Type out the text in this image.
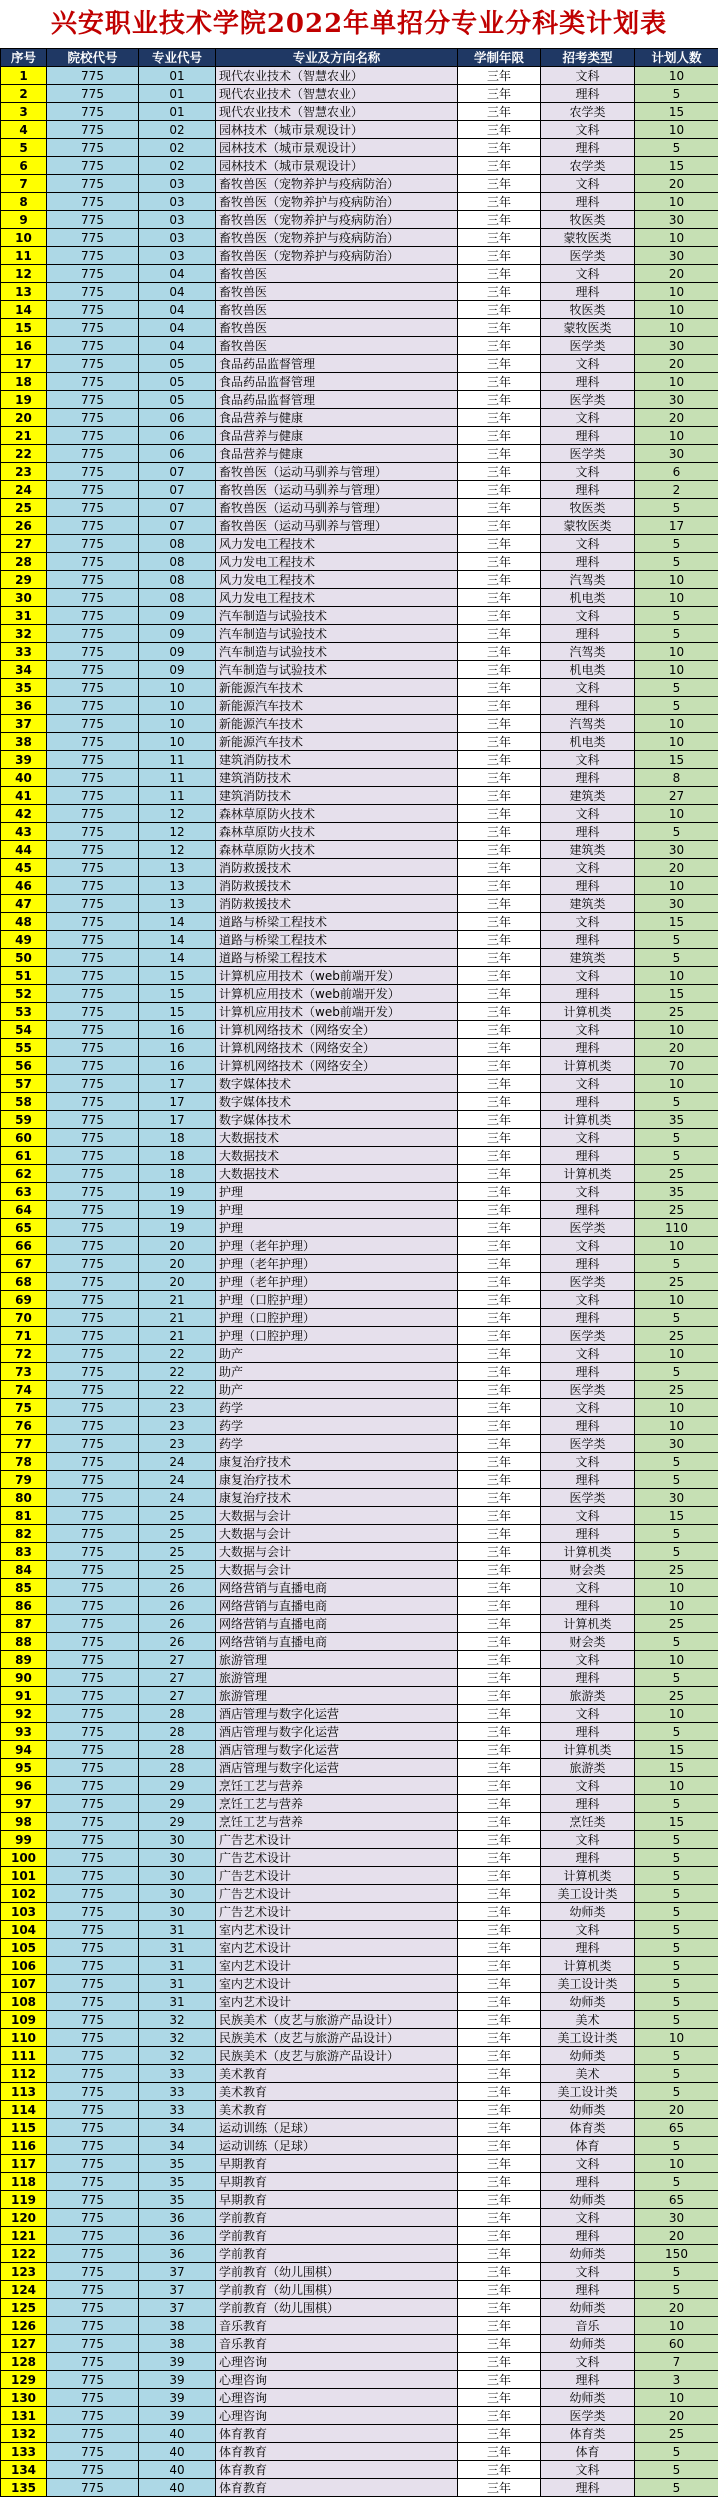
兴安职业技术学院2022年单招分专业分科类计划表
序号	院校代号	专业代号	专业及方向名称	学制年限	招考类型	计划人数
1	775	01	现代农业技术（智慧农业）	三年	文科	10
2	775	01	现代农业技术（智慧农业）	三年	理科	5
3	775	01	现代农业技术（智慧农业）	三年	农学类	15
4	775	02	园林技术（城市景观设计）	三年	文科	10
5	775	02	园林技术（城市景观设计）	三年	理科	5
6	775	02	园林技术（城市景观设计）	三年	农学类	15
7	775	03	畜牧兽医（宠物养护与疫病防治）	三年	文科	20
8	775	03	畜牧兽医（宠物养护与疫病防治）	三年	理科	10
9	775	03	畜牧兽医（宠物养护与疫病防治）	三年	牧医类	30
10	775	03	畜牧兽医（宠物养护与疫病防治）	三年	蒙牧医类	10
11	775	03	畜牧兽医（宠物养护与疫病防治）	三年	医学类	30
12	775	04	畜牧兽医	三年	文科	20
13	775	04	畜牧兽医	三年	理科	10
14	775	04	畜牧兽医	三年	牧医类	10
15	775	04	畜牧兽医	三年	蒙牧医类	10
16	775	04	畜牧兽医	三年	医学类	30
17	775	05	食品药品监督管理	三年	文科	20
18	775	05	食品药品监督管理	三年	理科	10
19	775	05	食品药品监督管理	三年	医学类	30
20	775	06	食品营养与健康	三年	文科	20
21	775	06	食品营养与健康	三年	理科	10
22	775	06	食品营养与健康	三年	医学类	30
23	775	07	畜牧兽医（运动马驯养与管理）	三年	文科	6
24	775	07	畜牧兽医（运动马驯养与管理）	三年	理科	2
25	775	07	畜牧兽医（运动马驯养与管理）	三年	牧医类	5
26	775	07	畜牧兽医（运动马驯养与管理）	三年	蒙牧医类	17
27	775	08	风力发电工程技术	三年	文科	5
28	775	08	风力发电工程技术	三年	理科	5
29	775	08	风力发电工程技术	三年	汽驾类	10
30	775	08	风力发电工程技术	三年	机电类	10
31	775	09	汽车制造与试验技术	三年	文科	5
32	775	09	汽车制造与试验技术	三年	理科	5
33	775	09	汽车制造与试验技术	三年	汽驾类	10
34	775	09	汽车制造与试验技术	三年	机电类	10
35	775	10	新能源汽车技术	三年	文科	5
36	775	10	新能源汽车技术	三年	理科	5
37	775	10	新能源汽车技术	三年	汽驾类	10
38	775	10	新能源汽车技术	三年	机电类	10
39	775	11	建筑消防技术	三年	文科	15
40	775	11	建筑消防技术	三年	理科	8
41	775	11	建筑消防技术	三年	建筑类	27
42	775	12	森林草原防火技术	三年	文科	10
43	775	12	森林草原防火技术	三年	理科	5
44	775	12	森林草原防火技术	三年	建筑类	30
45	775	13	消防救援技术	三年	文科	20
46	775	13	消防救援技术	三年	理科	10
47	775	13	消防救援技术	三年	建筑类	30
48	775	14	道路与桥梁工程技术	三年	文科	15
49	775	14	道路与桥梁工程技术	三年	理科	5
50	775	14	道路与桥梁工程技术	三年	建筑类	5
51	775	15	计算机应用技术（web前端开发）	三年	文科	10
52	775	15	计算机应用技术（web前端开发）	三年	理科	15
53	775	15	计算机应用技术（web前端开发）	三年	计算机类	25
54	775	16	计算机网络技术（网络安全）	三年	文科	10
55	775	16	计算机网络技术（网络安全）	三年	理科	20
56	775	16	计算机网络技术（网络安全）	三年	计算机类	70
57	775	17	数字媒体技术	三年	文科	10
58	775	17	数字媒体技术	三年	理科	5
59	775	17	数字媒体技术	三年	计算机类	35
60	775	18	大数据技术	三年	文科	5
61	775	18	大数据技术	三年	理科	5
62	775	18	大数据技术	三年	计算机类	25
63	775	19	护理	三年	文科	35
64	775	19	护理	三年	理科	25
65	775	19	护理	三年	医学类	110
66	775	20	护理（老年护理）	三年	文科	10
67	775	20	护理（老年护理）	三年	理科	5
68	775	20	护理（老年护理）	三年	医学类	25
69	775	21	护理（口腔护理）	三年	文科	10
70	775	21	护理（口腔护理）	三年	理科	5
71	775	21	护理（口腔护理）	三年	医学类	25
72	775	22	助产	三年	文科	10
73	775	22	助产	三年	理科	5
74	775	22	助产	三年	医学类	25
75	775	23	药学	三年	文科	10
76	775	23	药学	三年	理科	10
77	775	23	药学	三年	医学类	30
78	775	24	康复治疗技术	三年	文科	5
79	775	24	康复治疗技术	三年	理科	5
80	775	24	康复治疗技术	三年	医学类	30
81	775	25	大数据与会计	三年	文科	15
82	775	25	大数据与会计	三年	理科	5
83	775	25	大数据与会计	三年	计算机类	5
84	775	25	大数据与会计	三年	财会类	25
85	775	26	网络营销与直播电商	三年	文科	10
86	775	26	网络营销与直播电商	三年	理科	10
87	775	26	网络营销与直播电商	三年	计算机类	25
88	775	26	网络营销与直播电商	三年	财会类	5
89	775	27	旅游管理	三年	文科	10
90	775	27	旅游管理	三年	理科	5
91	775	27	旅游管理	三年	旅游类	25
92	775	28	酒店管理与数字化运营	三年	文科	10
93	775	28	酒店管理与数字化运营	三年	理科	5
94	775	28	酒店管理与数字化运营	三年	计算机类	15
95	775	28	酒店管理与数字化运营	三年	旅游类	15
96	775	29	烹饪工艺与营养	三年	文科	10
97	775	29	烹饪工艺与营养	三年	理科	5
98	775	29	烹饪工艺与营养	三年	烹饪类	15
99	775	30	广告艺术设计	三年	文科	5
100	775	30	广告艺术设计	三年	理科	5
101	775	30	广告艺术设计	三年	计算机类	5
102	775	30	广告艺术设计	三年	美工设计类	5
103	775	30	广告艺术设计	三年	幼师类	5
104	775	31	室内艺术设计	三年	文科	5
105	775	31	室内艺术设计	三年	理科	5
106	775	31	室内艺术设计	三年	计算机类	5
107	775	31	室内艺术设计	三年	美工设计类	5
108	775	31	室内艺术设计	三年	幼师类	5
109	775	32	民族美术（皮艺与旅游产品设计）	三年	美术	5
110	775	32	民族美术（皮艺与旅游产品设计）	三年	美工设计类	10
111	775	32	民族美术（皮艺与旅游产品设计）	三年	幼师类	5
112	775	33	美术教育	三年	美术	5
113	775	33	美术教育	三年	美工设计类	5
114	775	33	美术教育	三年	幼师类	20
115	775	34	运动训练（足球）	三年	体育类	65
116	775	34	运动训练（足球）	三年	体育	5
117	775	35	早期教育	三年	文科	10
118	775	35	早期教育	三年	理科	5
119	775	35	早期教育	三年	幼师类	65
120	775	36	学前教育	三年	文科	30
121	775	36	学前教育	三年	理科	20
122	775	36	学前教育	三年	幼师类	150
123	775	37	学前教育（幼儿围棋）	三年	文科	5
124	775	37	学前教育（幼儿围棋）	三年	理科	5
125	775	37	学前教育（幼儿围棋）	三年	幼师类	20
126	775	38	音乐教育	三年	音乐	10
127	775	38	音乐教育	三年	幼师类	60
128	775	39	心理咨询	三年	文科	7
129	775	39	心理咨询	三年	理科	3
130	775	39	心理咨询	三年	幼师类	10
131	775	39	心理咨询	三年	医学类	20
132	775	40	体育教育	三年	体育类	25
133	775	40	体育教育	三年	体育	5
134	775	40	体育教育	三年	文科	5
135	775	40	体育教育	三年	理科	5
